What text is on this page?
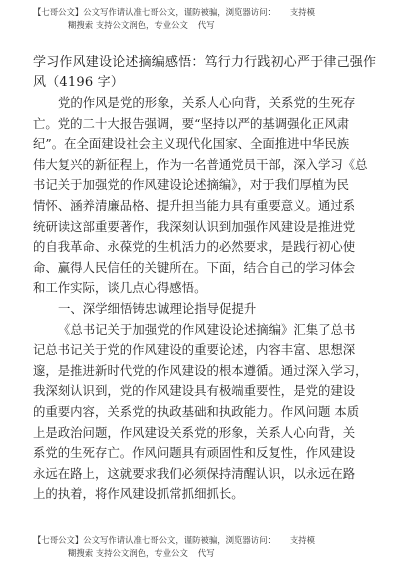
【七哥公文】公文写作请认准七哥公文，谨防被骗，浏览器访问： 支持模
糊搜索 支持公文润色，专业公文 代写
学习作风建设论述摘编感悟：笃行力行践初心严于律己强作
风（4196 字）
党的作风是党的形象，关系人心向背，关系党的生死存
亡。党的二十大报告强调，要“坚持以严的基调强化正风肃
纪”。在全面建设社会主义现代化国家、全面推进中华民族
伟大复兴的新征程上，作为一名普通党员干部，深入学习《总
书记关于加强党的作风建设论述摘编》，对于我们厚植为民
情怀、涵养清廉品格、提升担当能力具有重要意义。通过系
统研读这部重要著作，我深刻认识到加强作风建设是推进党
的自我革命、永葆党的生机活力的必然要求，是践行初心使
命、赢得人民信任的关键所在。下面，结合自己的学习体会
和工作实际，谈几点心得感悟。
一、深学细悟铸忠诚理论指导促提升
《总书记关于加强党的作风建设论述摘编》汇集了总书
记总书记关于党的作风建设的重要论述，内容丰富、思想深
邃，是推进新时代党的作风建设的根本遵循。通过深入学习，
我深刻认识到，党的作风建设具有极端重要性，是党的建设
的重要内容，关系党的执政基础和执政能力。作风问题 本质
上是政治问题，作风建设关系党的形象，关系人心向背，关
系党的生死存亡。作风问题具有顽固性和反复性，作风建设
永远在路上，这就要求我们必须保持清醒认识，以永远在路
上的执着，将作风建设抓常抓细抓长。
【七哥公文】公文写作请认准七哥公文，谨防被骗，浏览器访问： 支持模
糊搜索 支持公文润色，专业公文 代写
